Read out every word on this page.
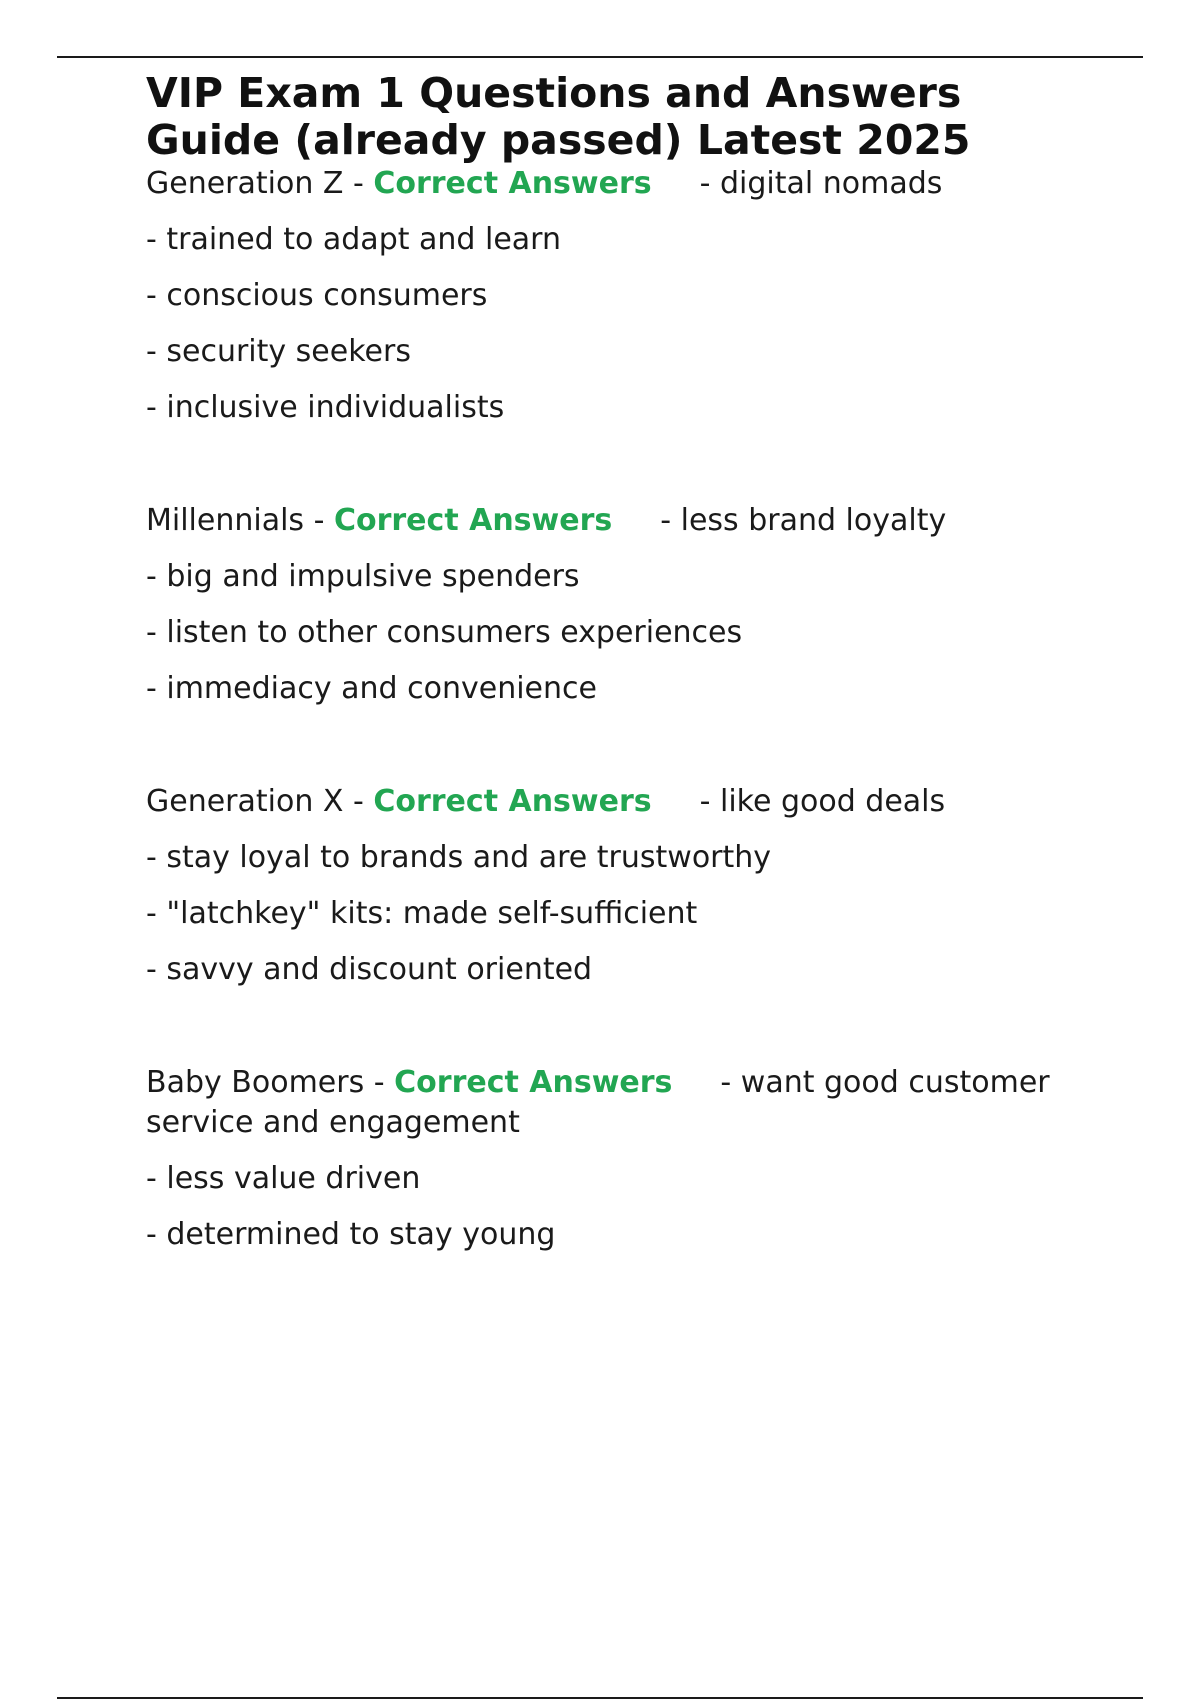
VIP Exam 1 Questions and Answers
Guide (already passed) Latest 2025

Generation Z - Correct Answers - digital nomads

- trained to adapt and learn

- conscious consumers

- security seekers

- inclusive individualists

Millennials - Correct Answers - less brand loyalty

- big and impulsive spenders

- listen to other consumers experiences

- immediacy and convenience

Generation X - Correct Answers - like good deals

- stay loyal to brands and are trustworthy

- "latchkey" kits: made self-sufficient

- savvy and discount oriented

Baby Boomers - Correct Answers - want good customer service and engagement

- less value driven

- determined to stay young
